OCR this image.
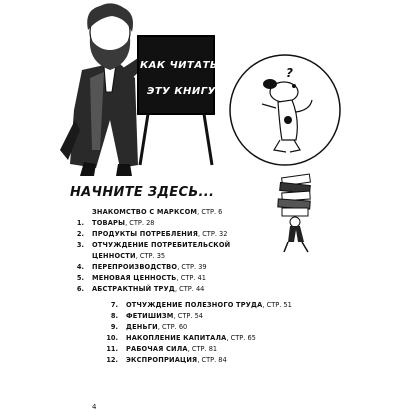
КАК ЧИТАТЬ
ЭТУ КНИГУ
?
НАЧНИТЕ ЗДЕСЬ...
ЗНАКОМСТВО С МАРКСОМ , СТР. 6
1.	ТОВАРЫ , СТР. 28
2.	ПРОДУКТЫ ПОТРЕБЛЕНИЯ , СТР. 32
3.	ОТЧУЖДЕНИЕ ПОТРЕБИТЕЛЬСКОЙ
ЦЕННОСТИ , СТР. 35
4.	ПЕРЕПРОИЗВОДСТВО , СТР. 39
5.	МЕНОВАЯ ЦЕННОСТЬ , СТР. 41
6.	АБСТРАКТНЫЙ ТРУД , СТР. 44
7.	ОТЧУЖДЕНИЕ ПОЛЕЗНОГО ТРУДА , СТР. 51
8.	ФЕТИШИЗМ , СТР. 54
9.	ДЕНЬГИ , СТР. 60
10.	НАКОПЛЕНИЕ КАПИТАЛА , СТР. 65
11.	РАБОЧАЯ СИЛА , СТР. 81
12.	ЭКСПРОПРИАЦИЯ , СТР. 84
4
